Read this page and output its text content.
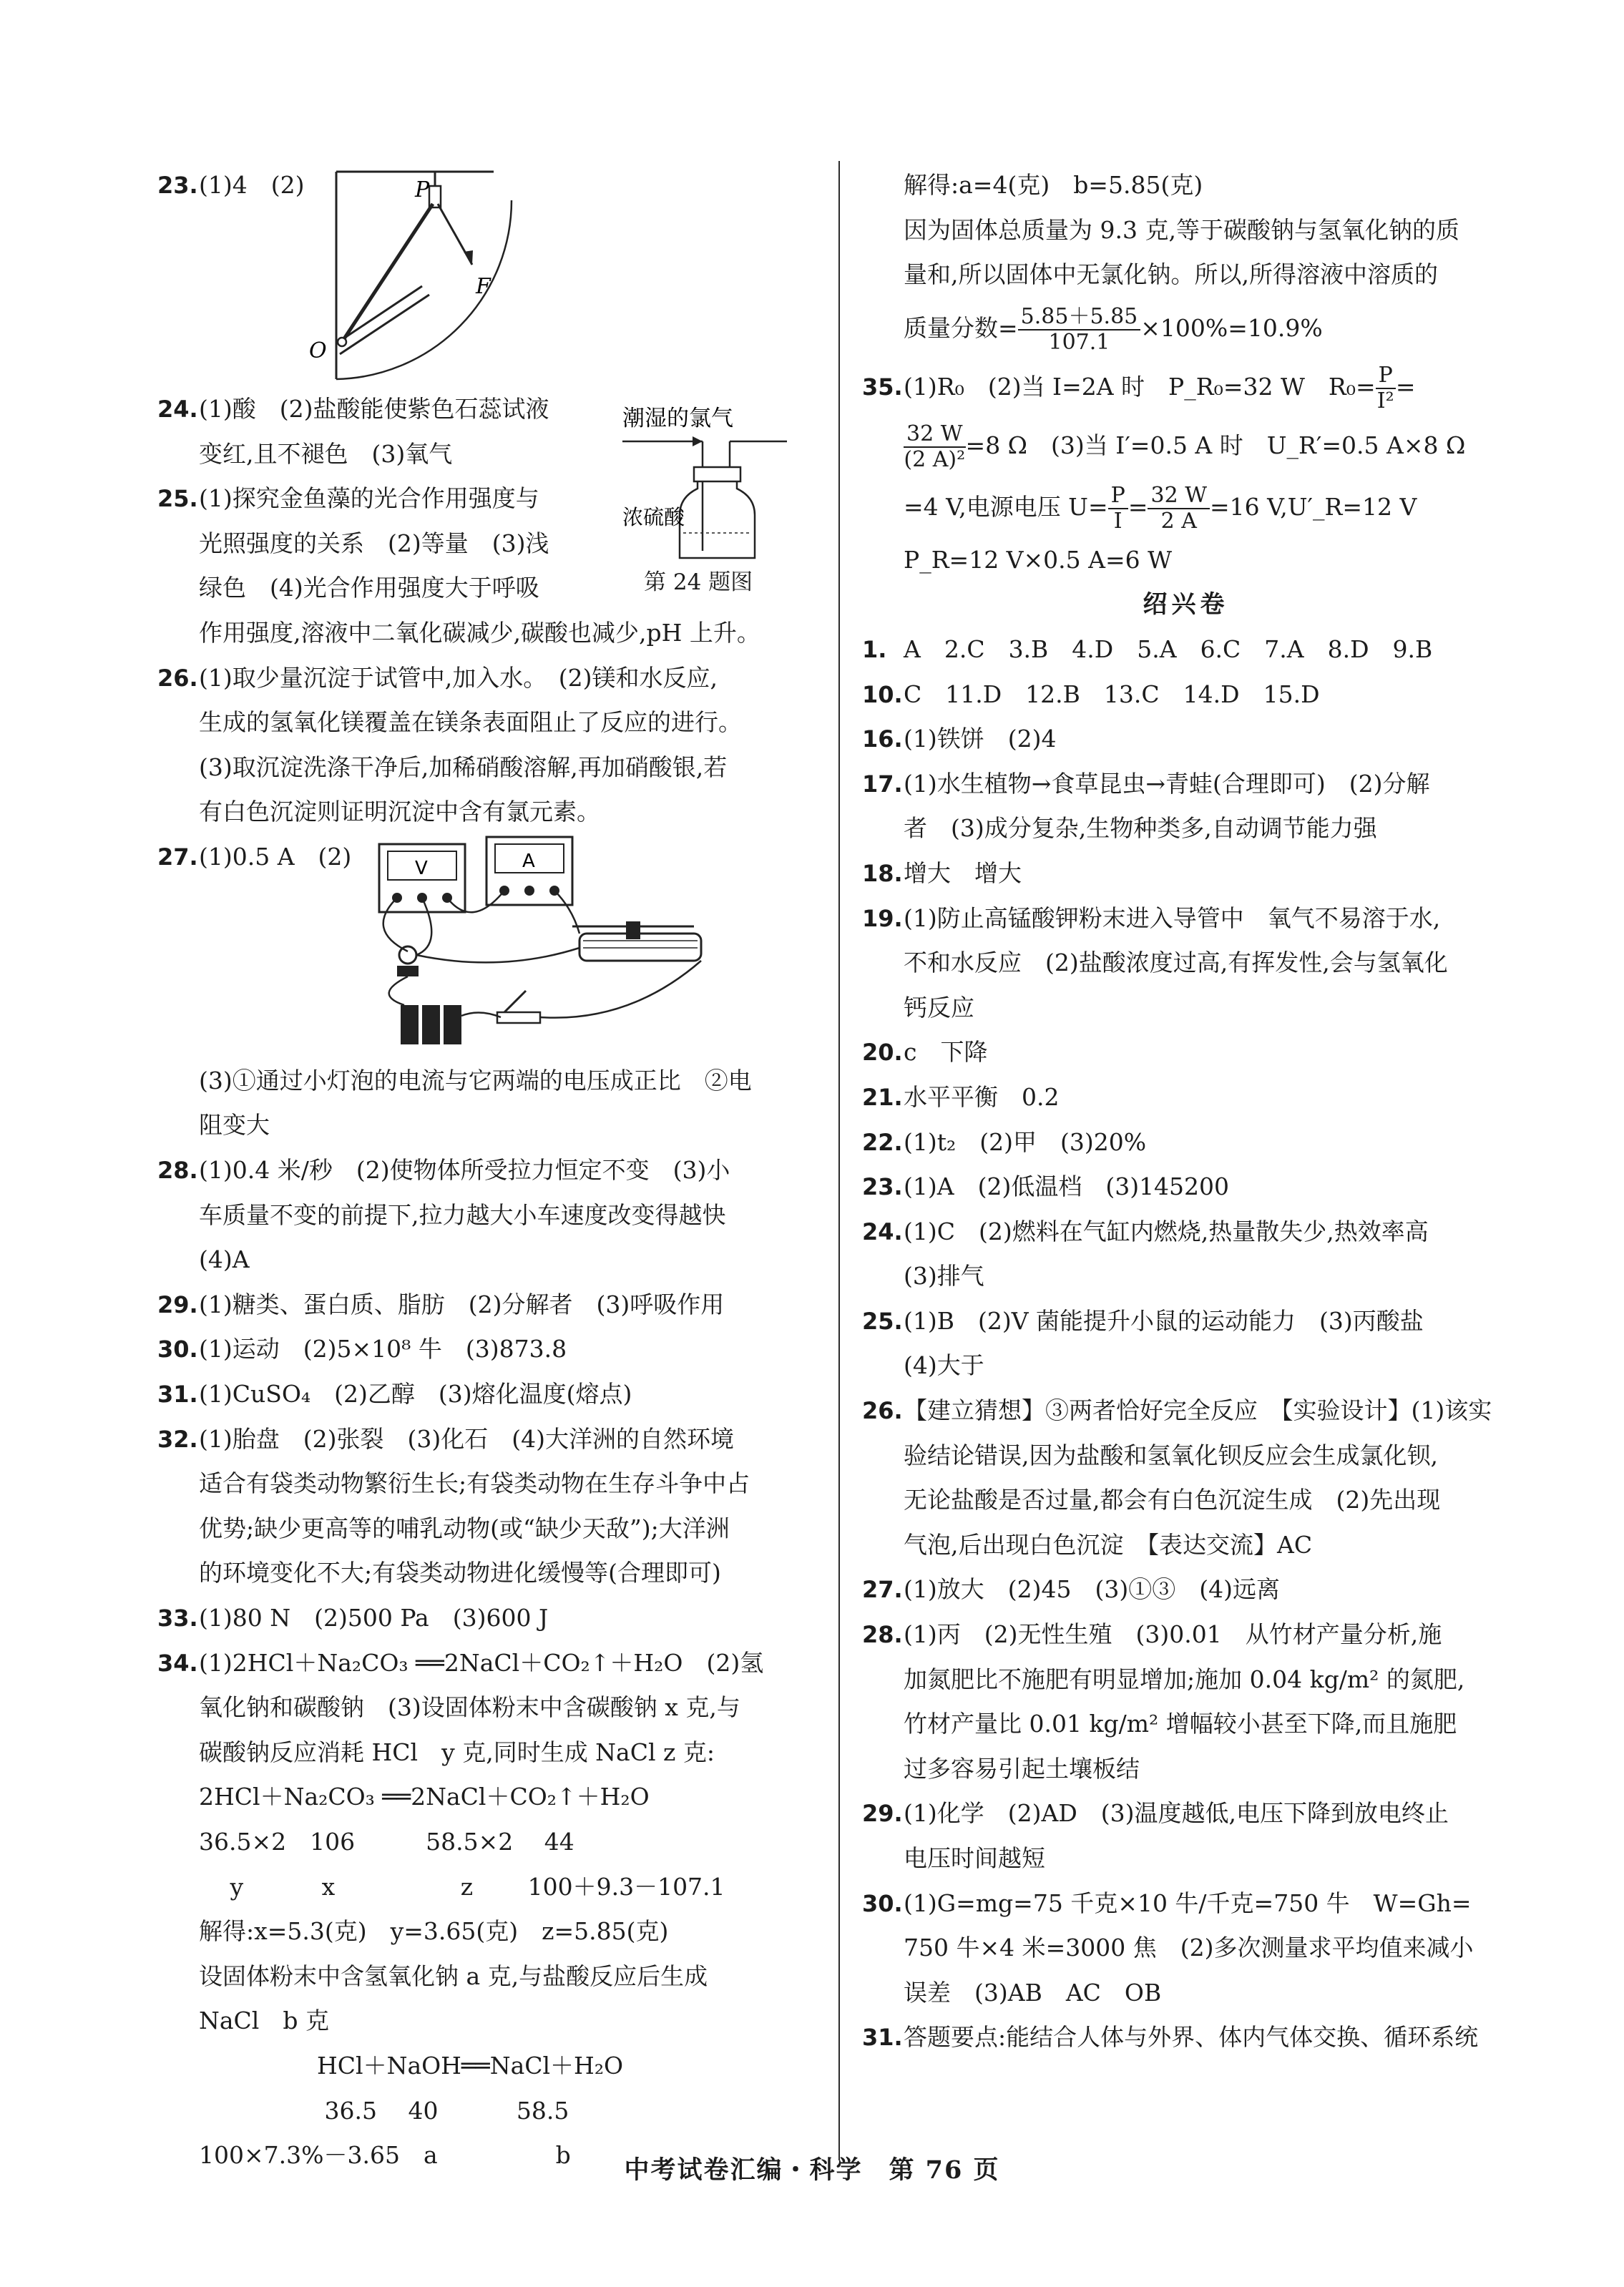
23.(1)4　(2)

24.(1)酸　(2)盐酸能使紫色石蕊试液
变红,且不褪色　(3)氧气
25.(1)探究金鱼藻的光合作用强度与
光照强度的关系　(2)等量　(3)浅
绿色　(4)光合作用强度大于呼吸
作用强度,溶液中二氧化碳减少,碳酸也减少,pH 上升。
26.(1)取少量沉淀于试管中,加入水。　(2)镁和水反应,
生成的氢氧化镁覆盖在镁条表面阻止了反应的进行。
(3)取沉淀洗涤干净后,加稀硝酸溶解,再加硝酸银,若
有白色沉淀则证明沉淀中含有氯元素。
27.(1)0.5 A　(2)

(3)①通过小灯泡的电流与它两端的电压成正比　②电
阻变大
28.(1)0.4 米/秒　(2)使物体所受拉力恒定不变　(3)小
车质量不变的前提下,拉力越大小车速度改变得越快
(4)A
29.(1)糖类、蛋白质、脂肪　(2)分解者　(3)呼吸作用
30.(1)运动　(2)5×10⁸ 牛　(3)873.8
31.(1)CuSO₄　(2)乙醇　(3)熔化温度(熔点)
32.(1)胎盘　(2)张裂　(3)化石　(4)大洋洲的自然环境
适合有袋类动物繁衍生长;有袋类动物在生存斗争中占
优势;缺少更高等的哺乳动物(或“缺少天敌”);大洋洲
的环境变化不大;有袋类动物进化缓慢等(合理即可)
33.(1)80 N　(2)500 Pa　(3)600 J
34.(1)2HCl＋Na₂CO₃ ══2NaCl＋CO₂↑＋H₂O　(2)氢
氧化钠和碳酸钠　(3)设固体粉末中含碳酸钠 x 克,与
碳酸钠反应消耗 HCl　y 克,同时生成 NaCl z 克:
2HCl＋Na₂CO₃ ══2NaCl＋CO₂↑＋H₂O
36.5×2　106　　　58.5×2　 44
　 y　　　 x　　　　　 z　　 100＋9.3－107.1
解得:x=5.3(克)　y=3.65(克)　z=5.85(克)
设固体粉末中含氢氧化钠 a 克,与盐酸反应后生成
NaCl　b 克
　　　　　HCl＋NaOH══NaCl＋H₂O
　　　　　 36.5　 40　　　 58.5
100×7.3%－3.65　a　　　　　b
P
O
F
潮湿的氯气
浓硫酸
第 24 题图
V	A
解得:a=4(克)　b=5.85(克)
因为固体总质量为 9.3 克,等于碳酸钠与氢氧化钠的质
量和,所以固体中无氯化钠。所以,所得溶液中溶质的
质量分数= $\frac{5.85+5.85}{107.1} \times 100\%=10.9\%$
35.(1)R₀　(2)当 I=2A 时　P_R₀=32 W　$R_0= \frac{P}{\text{I²}}$ =
$\frac{32 W}{\text{(2 A)²}} =8$ Ω　(3)当 I′=0.5 A 时　U_R′=0.5 A×8 Ω
=4 V,电源电压 $U= \frac{P}{I} = \frac{32 W}{2 A} =16$ V,U′_R=12 V
P_R=12 V×0.5 A=6 W
绍兴卷
1. A　2.C　3.B　4.D　5.A　6.C　7.A　8.D　9.B
10.C　11.D　12.B　13.C　14.D　15.D
16.(1)铁饼　(2)4
17.(1)水生植物→食草昆虫→青蛙(合理即可)　(2)分解
者　(3)成分复杂,生物种类多,自动调节能力强
18.增大　增大
19.(1)防止高锰酸钾粉末进入导管中　氧气不易溶于水,
不和水反应　(2)盐酸浓度过高,有挥发性,会与氢氧化
钙反应
20.c　下降
21.水平平衡　0.2
22.(1)t₂　(2)甲　(3)20%
23.(1)A　(2)低温档　(3)145200
24.(1)C　(2)燃料在气缸内燃烧,热量散失少,热效率高
(3)排气
25.(1)B　(2)V 菌能提升小鼠的运动能力　(3)丙酸盐
(4)大于
26.【建立猜想】③两者恰好完全反应　【实验设计】(1)该实
验结论错误,因为盐酸和氢氧化钡反应会生成氯化钡,
无论盐酸是否过量,都会有白色沉淀生成　(2)先出现
气泡,后出现白色沉淀　【表达交流】AC
27.(1)放大　(2)45　(3)①③　(4)远离
28.(1)丙　(2)无性生殖　(3)0.01　从竹材产量分析,施
加氮肥比不施肥有明显增加;施加 0.04 kg/m² 的氮肥,
竹材产量比 0.01 kg/m² 增幅较小甚至下降,而且施肥
过多容易引起土壤板结
29.(1)化学　(2)AD　(3)温度越低,电压下降到放电终止
电压时间越短
30.(1)G=mg=75 千克×10 牛/千克=750 牛　W=Gh=
750 牛×4 米=3000 焦　(2)多次测量求平均值来减小
误差　(3)AB　AC　OB
31.答题要点:能结合人体与外界、体内气体交换、循环系统
中考试卷汇编・科学　第 76 页
